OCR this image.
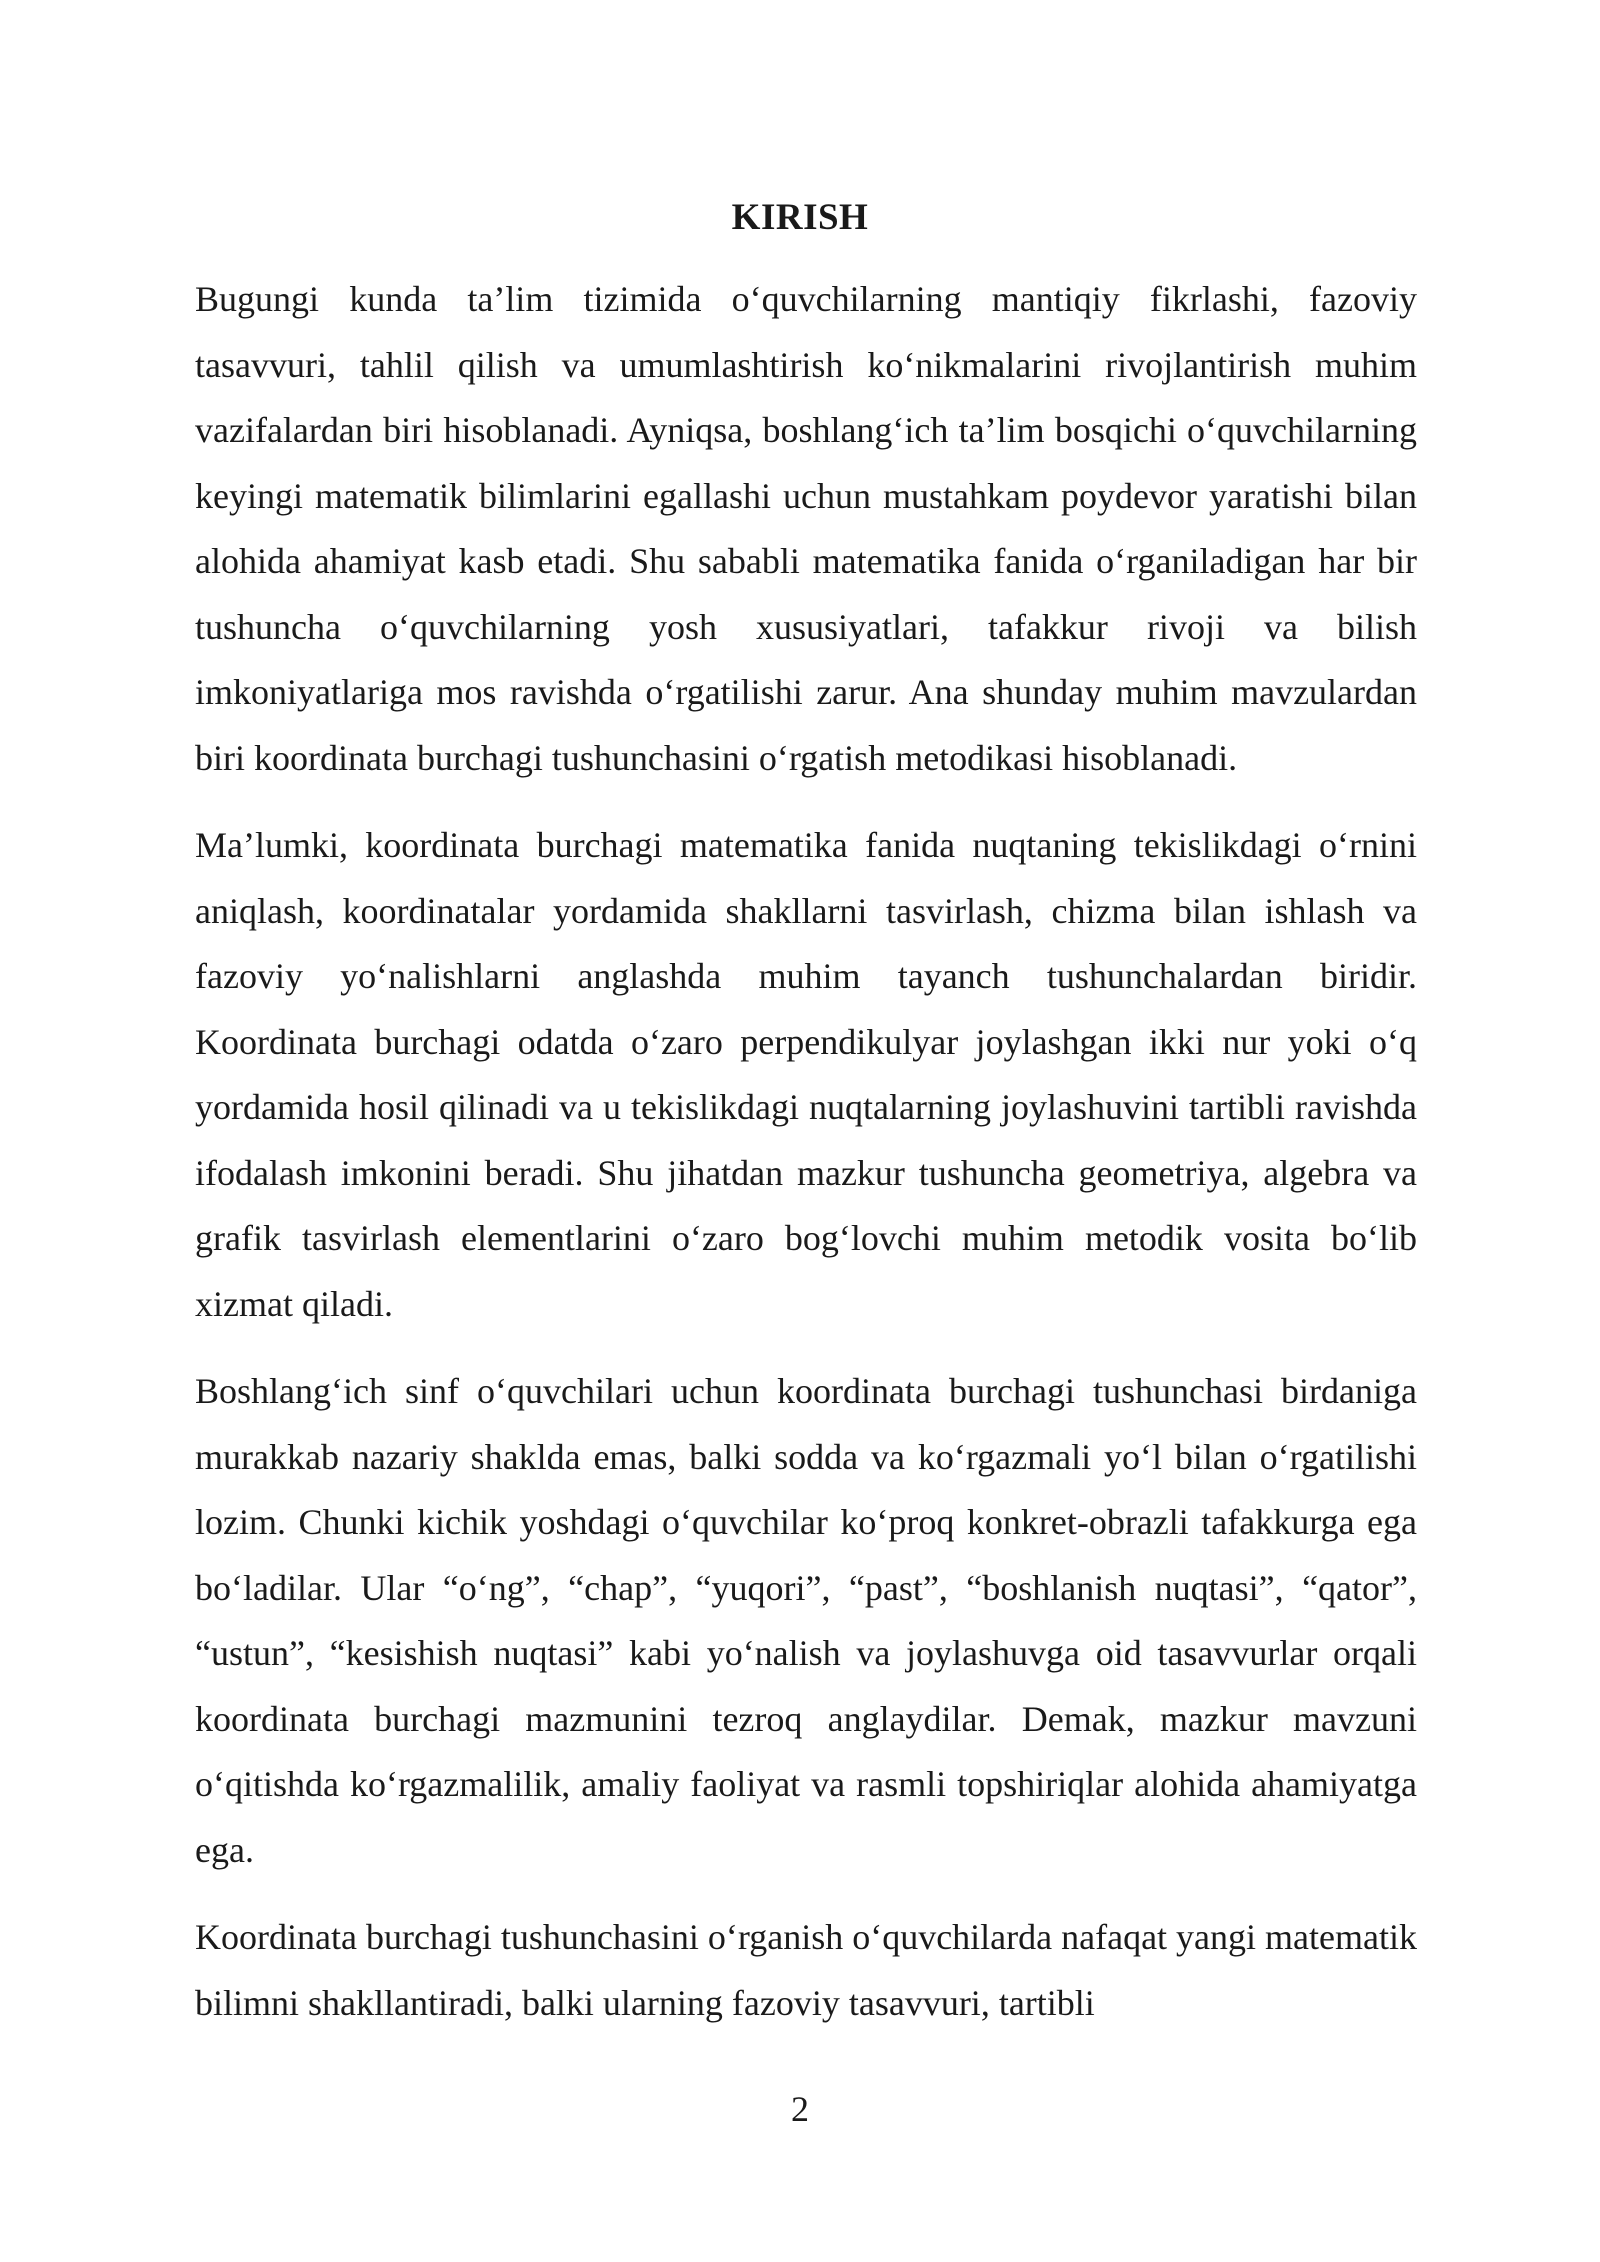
KIRISH

Bugungi kunda ta’lim tizimida o‘quvchilarning mantiqiy fikrlashi, fazoviy tasavvuri, tahlil qilish va umumlashtirish ko‘nikmalarini rivojlantirish muhim vazifalardan biri hisoblanadi. Ayniqsa, boshlang‘ich ta’lim bosqichi o‘quvchilarning keyingi matematik bilimlarini egallashi uchun mustahkam poydevor yaratishi bilan alohida ahamiyat kasb etadi. Shu sababli matematika fanida o‘rganiladigan har bir tushuncha o‘quvchilarning yosh xususiyatlari, tafakkur rivoji va bilish imkoniyatlariga mos ravishda o‘rgatilishi zarur. Ana shunday muhim mavzulardan biri koordinata burchagi tushunchasini o‘rgatish metodikasi hisoblanadi.

Ma’lumki, koordinata burchagi matematika fanida nuqtaning tekislikdagi o‘rnini aniqlash, koordinatalar yordamida shakllarni tasvirlash, chizma bilan ishlash va fazoviy yo‘nalishlarni anglashda muhim tayanch tushunchalardan biridir. Koordinata burchagi odatda o‘zaro perpendikulyar joylashgan ikki nur yoki o‘q yordamida hosil qilinadi va u tekislikdagi nuqtalarning joylashuvini tartibli ravishda ifodalash imkonini beradi. Shu jihatdan mazkur tushuncha geometriya, algebra va grafik tasvirlash elementlarini o‘zaro bog‘lovchi muhim metodik vosita bo‘lib xizmat qiladi.

Boshlang‘ich sinf o‘quvchilari uchun koordinata burchagi tushunchasi birdaniga murakkab nazariy shaklda emas, balki sodda va ko‘rgazmali yo‘l bilan o‘rgatilishi lozim. Chunki kichik yoshdagi o‘quvchilar ko‘proq konkret-obrazli tafakkurga ega bo‘ladilar. Ular “o‘ng”, “chap”, “yuqori”, “past”, “boshlanish nuqtasi”, “qator”, “ustun”, “kesishish nuqtasi” kabi yo‘nalish va joylashuvga oid tasavvurlar orqali koordinata burchagi mazmunini tezroq anglaydilar. Demak, mazkur mavzuni o‘qitishda ko‘rgazmalilik, amaliy faoliyat va rasmli topshiriqlar alohida ahamiyatga ega.

Koordinata burchagi tushunchasini o‘rganish o‘quvchilarda nafaqat yangi matematik bilimni shakllantiradi, balki ularning fazoviy tasavvuri, tartibli

2
